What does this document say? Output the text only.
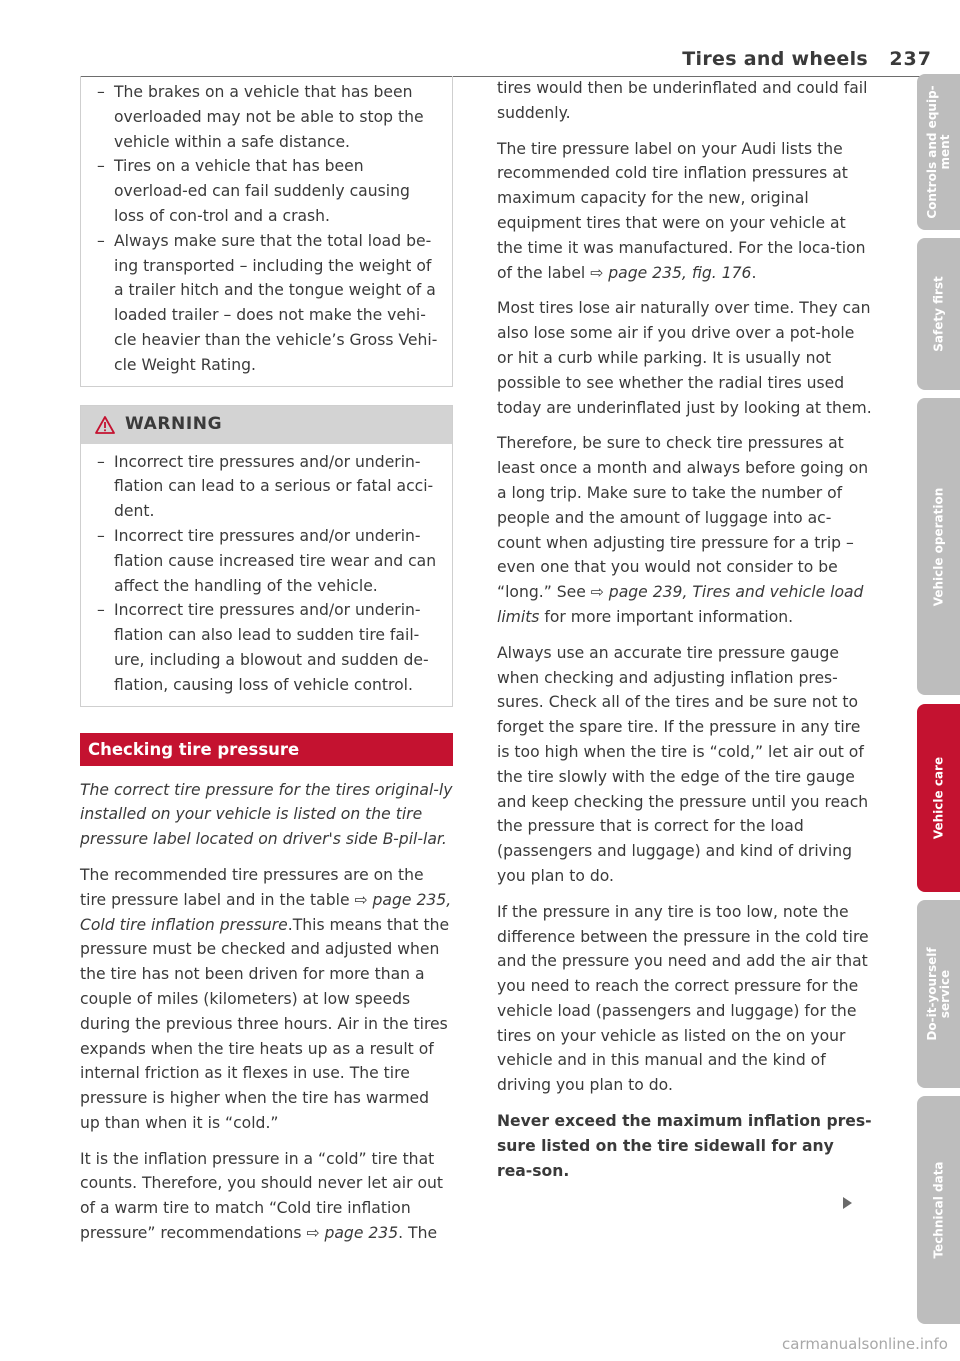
Tires and wheels 237
– The brakes on a vehicle that has been overloaded may not be able to stop the vehicle within a safe distance.
– Tires on a vehicle that has been overload-ed can fail suddenly causing loss of con-trol and a crash.
– Always make sure that the total load be-ing transported – including the weight of a trailer hitch and the tongue weight of a loaded trailer – does not make the vehi-cle heavier than the vehicle’s Gross Vehi-cle Weight Rating.
WARNING
– Incorrect tire pressures and/or underin-flation can lead to a serious or fatal acci-dent.
– Incorrect tire pressures and/or underin-flation cause increased tire wear and can affect the handling of the vehicle.
– Incorrect tire pressures and/or underin-flation can also lead to sudden tire fail-ure, including a blowout and sudden de-flation, causing loss of vehicle control.
Checking tire pressure

The correct tire pressure for the tires original-ly installed on your vehicle is listed on the tire pressure label located on driver's side B-pil-lar.

The recommended tire pressures are on the tire pressure label and in the table ⇨ page 235, Cold tire inflation pressure.This means that the pressure must be checked and adjusted when the tire has not been driven for more than a couple of miles (kilometers) at low speeds during the previous three hours. Air in the tires expands when the tire heats up as a result of internal friction as it flexes in use. The tire pressure is higher when the tire has warmed up than when it is “cold.”

It is the inflation pressure in a “cold” tire that counts. Therefore, you should never let air out of a warm tire to match “Cold tire inflation pressure” recommendations ⇨ page 235. The

tires would then be underinflated and could fail suddenly.

The tire pressure label on your Audi lists the recommended cold tire inflation pressures at maximum capacity for the new, original equipment tires that were on your vehicle at the time it was manufactured. For the loca-tion of the label ⇨ page 235, fig. 176.

Most tires lose air naturally over time. They can also lose some air if you drive over a pot-hole or hit a curb while parking. It is usually not possible to see whether the radial tires used today are underinflated just by looking at them.

Therefore, be sure to check tire pressures at least once a month and always before going on a long trip. Make sure to take the number of people and the amount of luggage into ac-count when adjusting tire pressure for a trip – even one that you would not consider to be “long.” See ⇨ page 239, Tires and vehicle load limits for more important information.

Always use an accurate tire pressure gauge when checking and adjusting inflation pres-sures. Check all of the tires and be sure not to forget the spare tire. If the pressure in any tire is too high when the tire is “cold,” let air out of the tire slowly with the edge of the tire gauge and keep checking the pressure until you reach the pressure that is correct for the load (passengers and luggage) and kind of driving you plan to do.

If the pressure in any tire is too low, note the difference between the pressure in the cold tire and the pressure you need and add the air that you need to reach the correct pressure for the vehicle load (passengers and luggage) for the tires on your vehicle as listed on the on your vehicle and in this manual and the kind of driving you plan to do.

Never exceed the maximum inflation pres-sure listed on the tire sidewall for any rea-son.

Controls and equip-
ment
Safety first
Vehicle operation
Vehicle care
Do-it-yourself
service
Technical data
carmanualsonline.info
